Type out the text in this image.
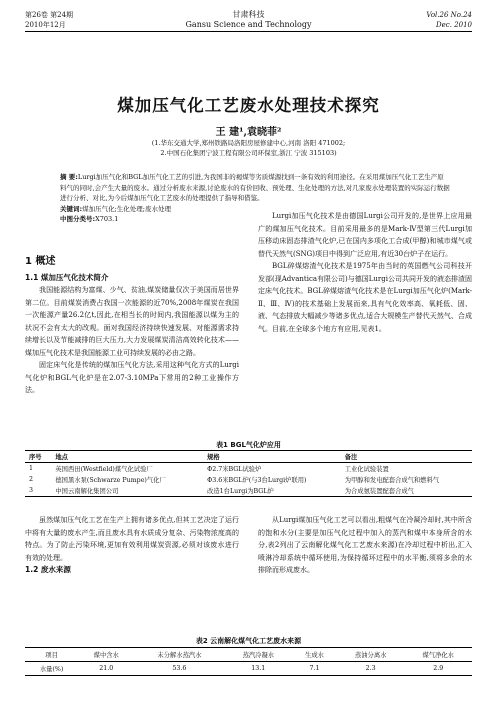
第26卷 第24期
2010年12月
甘肃科技
Gansu Science and Technology
Vol.26 No.24
Dec. 2010
煤加压气化工艺废水处理技术探究
王 建¹,袁晓菲²
(1.华东交通大学,郑州铁路局洛阳房屋修建中心,河南 洛阳 471002;
2.中国石化集团宁波工程有限公司环保室,浙江 宁波 315103)
摘 要:Lurgi加压气化和BGL加压气化工艺的引进,为我国非的褐煤等劣质煤源找到一条有效的利用途径。在采用煤加压气化工艺生产原料气的同时,会产生大量的废水。通过分析废水来源,讨论废水的有价回收、预处理、生化处理的方法,对几家废水处理装置的实际运行数据进行分析、对比,为今后煤加压气化工艺废水的处理提供了指导和借鉴。
关键词:煤加压气化;生化处理;废水处理
中图分类号:X703.1
1 概述
1.1 煤加压气化技术简介

我国能源结构为富煤、少气、贫油,煤炭储量仅次于美国而居世界第二位。目前煤炭消费占我国一次能源的近70%,2008年煤炭在我国一次能源产量26.2亿t,因此,在相当长的时间内,我国能源以煤为主的状况不会有太大的改观。面对我国经济持续快速发展、对能源需求持续增长以及节能减排的巨大压力,大力发展煤炭清洁高效转化技术——煤加压气化技术是我国能源工业可持续发展的必由之路。

固定床气化是传统的煤加压气化方法,采用这种气化方式的Lurgi气化炉和BGL气化炉是在2.07-3.10MPa下常用的2种工业操作方法。

Lurgi加压气化技术是由德国Lurgi公司开发的,是世界上应用最广的煤加压气化技术。目前采用最多的是Mark-Ⅳ型第三代Lurgi加压移动床固态排渣气化炉,已在国内多项化工合成(甲醇)和城市煤气或替代天然气(SNG)项目中得到广泛应用,有近30台炉子在运行。

BGL碎煤熔渣气化技术是1975年由当时的英国燃气公司科技开发部(现Advantica有限公司)与德国Lurgi公司共同开发的液态排渣固定床气化技术。BGL碎煤熔渣气化技术是在Lurgi加压气化炉(Mark-Ⅱ、Ⅲ、Ⅳ)的技术基础上发展而来,具有气化效率高、氧耗低、固、液、气态排放大幅减少等诸多优点,适合大规模生产替代天然气、合成气。目前,在全球多个地方有应用,见表1。

表1 BGL气化炉应用
序号	地点	规格	备注
1	英国西田(Westfield)煤气化试验厂	Φ2.7米BGL试验炉	工业化试验装置
2	德国黑水泵(Schwarze Pumpe)气化厂	Φ3.6米BGL炉(与3台Lurgi炉联用)	为甲醇和发电配套合成气和燃料气
3	中国云南解化集团公司	改造1台Lurgi为BGL炉	为合成氨装置配套合成气

虽然煤加压气化工艺在生产上拥有诸多优点,但其工艺决定了运行中将有大量的废水产生,而且废水具有水质成分复杂、污染物浓度高的特点。为了防止污染环境,更加有效利用煤炭资源,必须对该废水进行有效的处理。

1.2 废水来源

从Lurgi煤加压气化工艺可以看出,粗煤气在冷凝冷却时,其中所含的饱和水分(主要是加压气化过程中加入的蒸汽和煤中本身所含的水分,表2列出了云南解化煤气化工艺废水来源)在冷却过程中析出,汇入喷淋冷却系统中循环使用,为保持循环过程中的水平衡,须将多余的水排除而形成废水。

表2 云南解化煤气化工艺废水来源
项目	煤中含水	未分解水蒸汽水	蒸汽冷凝水	生成水	蒸油分离水	煤气净化水
水量(%)	21.0	53.6	13.1	7.1	2.3	2.9
